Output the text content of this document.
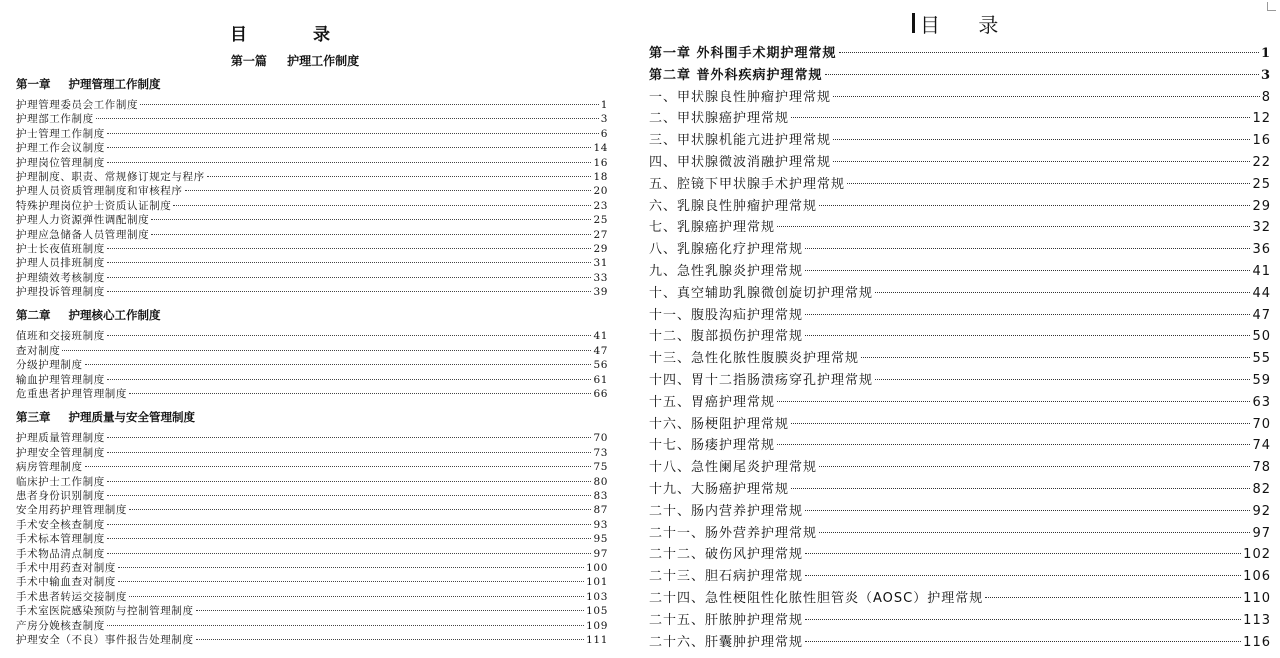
目 录
第一篇 护理工作制度
第一章 护理管理工作制度
护理管理委员会工作制度	1
护理部工作制度	3
护士管理工作制度	6
护理工作会议制度	14
护理岗位管理制度	16
护理制度、职责、常规修订规定与程序	18
护理人员资质管理制度和审核程序	20
特殊护理岗位护士资质认证制度	23
护理人力资源弹性调配制度	25
护理应急储备人员管理制度	27
护士长夜值班制度	29
护理人员排班制度	31
护理绩效考核制度	33
护理投诉管理制度	39
第二章 护理核心工作制度
值班和交接班制度	41
查对制度	47
分级护理制度	56
输血护理管理制度	61
危重患者护理管理制度	66
第三章 护理质量与安全管理制度
护理质量管理制度	70
护理安全管理制度	73
病房管理制度	75
临床护士工作制度	80
患者身份识别制度	83
安全用药护理管理制度	87
手术安全核查制度	93
手术标本管理制度	95
手术物品清点制度	97
手术中用药查对制度	100
手术中输血查对制度	101
手术患者转运交接制度	103
手术室医院感染预防与控制管理制度	105
产房分娩核查制度	109
护理安全（不良）事件报告处理制度	111
目 录
第一章 外科围手术期护理常规	1
第二章 普外科疾病护理常规	3
一、甲状腺良性肿瘤护理常规	8
二、甲状腺癌护理常规	12
三、甲状腺机能亢进护理常规	16
四、甲状腺微波消融护理常规	22
五、腔镜下甲状腺手术护理常规	25
六、乳腺良性肿瘤护理常规	29
七、乳腺癌护理常规	32
八、乳腺癌化疗护理常规	36
九、急性乳腺炎护理常规	41
十、真空辅助乳腺微创旋切护理常规	44
十一、腹股沟疝护理常规	47
十二、腹部损伤护理常规	50
十三、急性化脓性腹膜炎护理常规	55
十四、胃十二指肠溃疡穿孔护理常规	59
十五、胃癌护理常规	63
十六、肠梗阻护理常规	70
十七、肠瘘护理常规	74
十八、急性阑尾炎护理常规	78
十九、大肠癌护理常规	82
二十、肠内营养护理常规	92
二十一、肠外营养护理常规	97
二十二、破伤风护理常规	102
二十三、胆石病护理常规	106
二十四、急性梗阻性化脓性胆管炎（AOSC）护理常规	110
二十五、肝脓肿护理常规	113
二十六、肝囊肿护理常规	116
